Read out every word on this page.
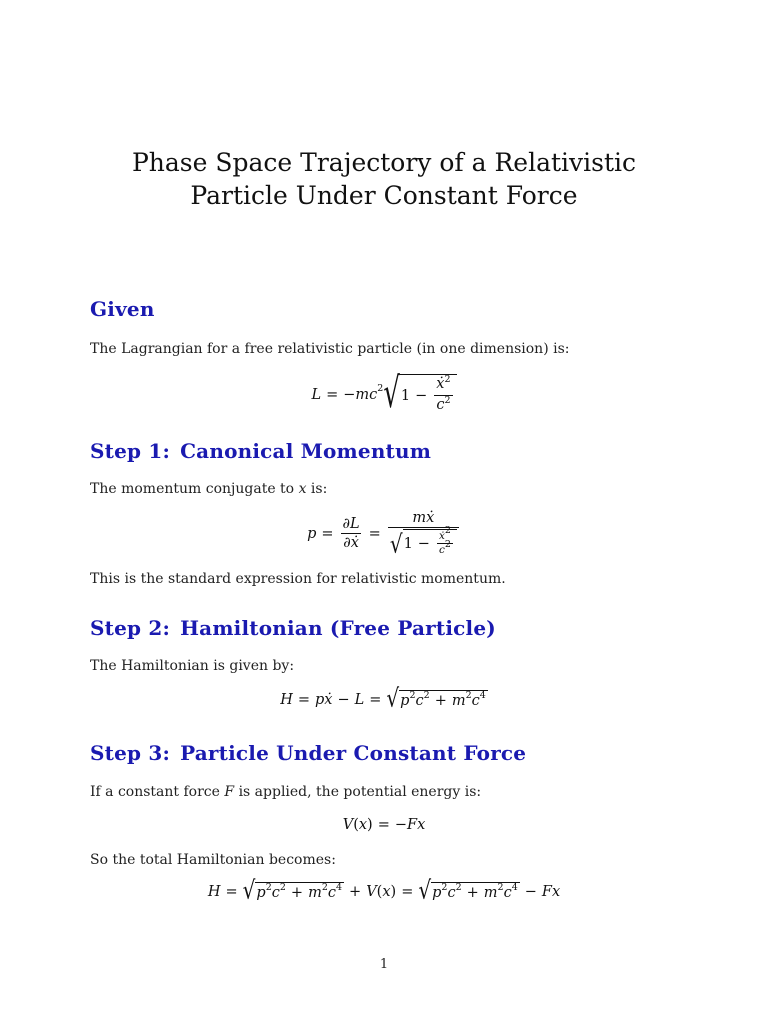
Phase Space Trajectory of a Relativistic
Particle Under Constant Force
Given

The Lagrangian for a free relativistic particle (in one dimension) is:

L = − $mc^2$ √ $1 - \frac{ẋ^2}{c^2}$
Step 1: Canonical Momentum

The momentum conjugate to x is:

$p = \frac{\partial L}{\text{∂ẋ}} = \frac{\text{mẋ}}{√ 1 - \frac{ẋ^2}{c^2}}$

This is the standard expression for relativistic momentum.

Step 2: Hamiltonian (Free Particle)

The Hamiltonian is given by:

H = pẋ − L = √ $p^2$ $c^2 + m^2$ $c^4$
Step 3: Particle Under Constant Force

If a constant force F is applied, the potential energy is:

V ( x ) = − Fx

So the total Hamiltonian becomes:

H = √ $p^2$ $c^2 + m^2$ $c^4 + V$ ( x ) = √ $p^2$ $c^2 + m^2$ $c^4 - Fx$
1
